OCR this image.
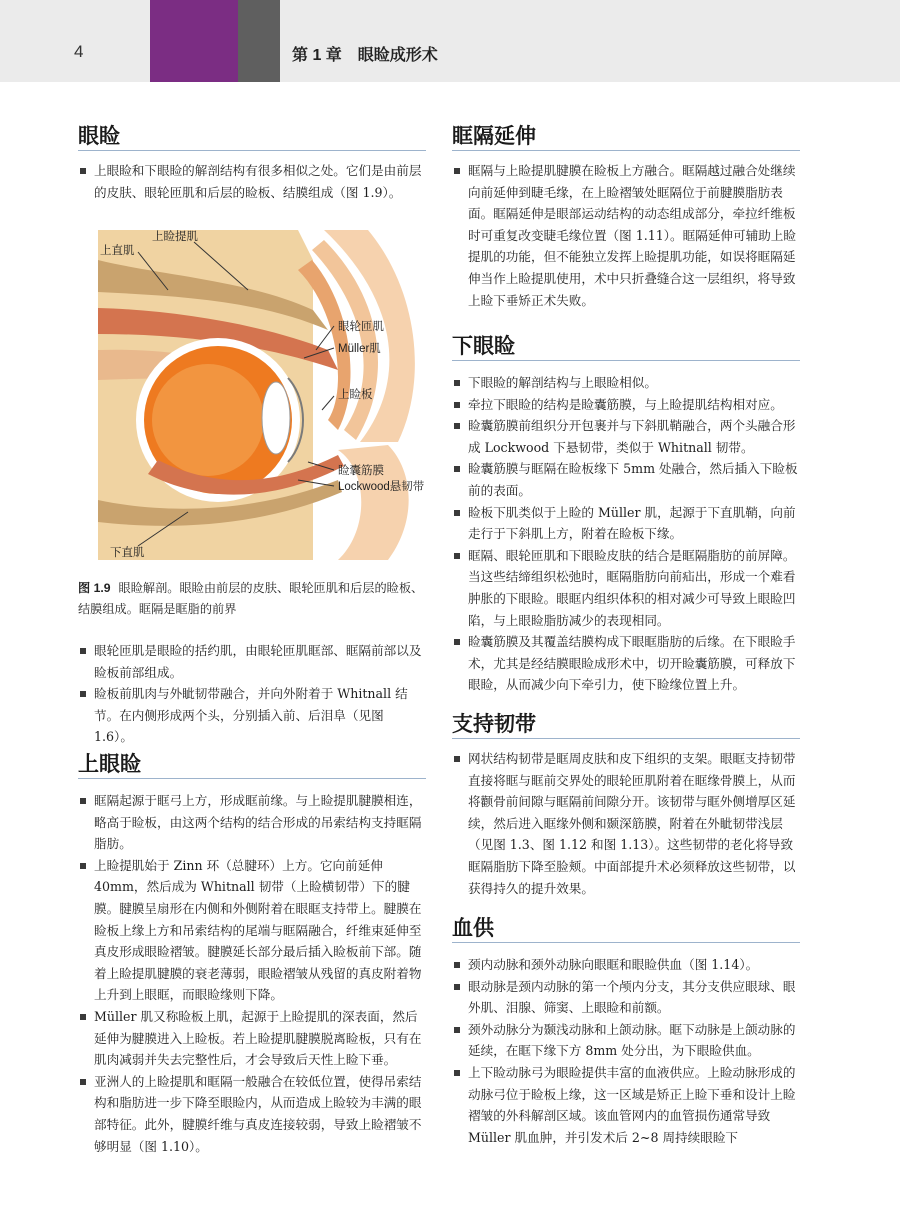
4	第 1 章　眼睑成形术
眼睑
上眼睑和下眼睑的解剖结构有很多相似之处。它们是由前层的皮肤、眼轮匝肌和后层的睑板、结膜组成（图 1.9）。
上睑提肌
上直肌
眼轮匝肌
Müller肌
上睑板
睑囊筋膜
Lockwood悬韧带
下直肌
图 1.9 眼睑解剖。眼睑由前层的皮肤、眼轮匝肌和后层的睑板、结膜组成。眶隔是眶脂的前界
眼轮匝肌是眼睑的括约肌，由眼轮匝肌眶部、眶隔前部以及睑板前部组成。
睑板前肌肉与外眦韧带融合，并向外附着于 Whitnall 结节。在内侧形成两个头，分别插入前、后泪阜（见图 1.6）。
上眼睑
眶隔起源于眶弓上方，形成眶前缘。与上睑提肌腱膜相连，略高于睑板，由这两个结构的结合形成的吊索结构支持眶隔脂肪。
上睑提肌始于 Zinn 环（总腱环）上方。它向前延伸 40mm，然后成为 Whitnall 韧带（上睑横韧带）下的腱膜。腱膜呈扇形在内侧和外侧附着在眼眶支持带上。腱膜在睑板上缘上方和吊索结构的尾端与眶隔融合，纤维束延伸至真皮形成眼睑褶皱。腱膜延长部分最后插入睑板前下部。随着上睑提肌腱膜的衰老薄弱，眼睑褶皱从残留的真皮附着物上升到上眼眶，而眼睑缘则下降。
Müller 肌又称睑板上肌，起源于上睑提肌的深表面，然后延伸为腱膜进入上睑板。若上睑提肌腱膜脱离睑板，只有在肌肉减弱并失去完整性后，才会导致后天性上睑下垂。
亚洲人的上睑提肌和眶隔一般融合在较低位置，使得吊索结构和脂肪进一步下降至眼睑内，从而造成上睑较为丰满的眼部特征。此外，腱膜纤维与真皮连接较弱，导致上睑褶皱不够明显（图 1.10）。
眶隔延伸
眶隔与上睑提肌腱膜在睑板上方融合。眶隔越过融合处继续向前延伸到睫毛缘，在上睑褶皱处眶隔位于前腱膜脂肪表面。眶隔延伸是眼部运动结构的动态组成部分，牵拉纤维板时可重复改变睫毛缘位置（图 1.11）。眶隔延伸可辅助上睑提肌的功能，但不能独立发挥上睑提肌功能，如误将眶隔延伸当作上睑提肌使用，术中只折叠缝合这一层组织，将导致上睑下垂矫正术失败。
下眼睑
下眼睑的解剖结构与上眼睑相似。
牵拉下眼睑的结构是睑囊筋膜，与上睑提肌结构相对应。
睑囊筋膜前组织分开包裹并与下斜肌鞘融合，两个头融合形成 Lockwood 下悬韧带，类似于 Whitnall 韧带。
睑囊筋膜与眶隔在睑板缘下 5mm 处融合，然后插入下睑板前的表面。
睑板下肌类似于上睑的 Müller 肌，起源于下直肌鞘，向前走行于下斜肌上方，附着在睑板下缘。
眶隔、眼轮匝肌和下眼睑皮肤的结合是眶隔脂肪的前屏障。当这些结缔组织松弛时，眶隔脂肪向前疝出，形成一个难看肿胀的下眼睑。眼眶内组织体积的相对减少可导致上眼睑凹陷，与上眼睑脂肪减少的表现相同。
睑囊筋膜及其覆盖结膜构成下眼眶脂肪的后缘。在下眼睑手术，尤其是经结膜眼睑成形术中，切开睑囊筋膜，可释放下眼睑，从而减少向下牵引力，使下睑缘位置上升。
支持韧带
网状结构韧带是眶周皮肤和皮下组织的支架。眼眶支持韧带直接将眶与眶前交界处的眼轮匝肌附着在眶缘骨膜上，从而将颧骨前间隙与眶隔前间隙分开。该韧带与眶外侧增厚区延续，然后进入眶缘外侧和颞深筋膜，附着在外眦韧带浅层（见图 1.3、图 1.12 和图 1.13）。这些韧带的老化将导致眶隔脂肪下降至脸颊。中面部提升术必须释放这些韧带，以获得持久的提升效果。
血供
颈内动脉和颈外动脉向眼眶和眼睑供血（图 1.14）。
眼动脉是颈内动脉的第一个颅内分支，其分支供应眼球、眼外肌、泪腺、筛窦、上眼睑和前额。
颈外动脉分为颞浅动脉和上颌动脉。眶下动脉是上颌动脉的延续，在眶下缘下方 8mm 处分出，为下眼睑供血。
上下睑动脉弓为眼睑提供丰富的血液供应。上睑动脉形成的动脉弓位于睑板上缘，这一区域是矫正上睑下垂和设计上睑褶皱的外科解剖区域。该血管网内的血管损伤通常导致 Müller 肌血肿，并引发术后 2~8 周持续眼睑下
